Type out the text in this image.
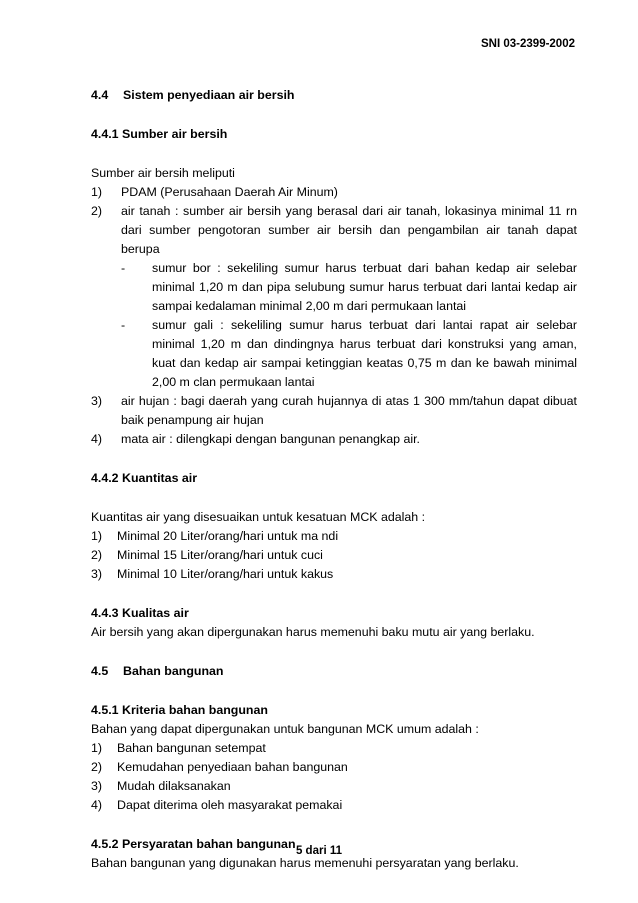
SNI 03-2399-2002

4.4 Sistem penyediaan air bersih

4.4.1 Sumber air bersih

Sumber air bersih meliputi

1)	PDAM (Perusahaan Daerah Air Minum)
2)	air tanah : sumber air bersih yang berasal dari air tanah, lokasinya minimal 11 rn dari sumber pengotoran sumber air bersih dan pengambilan air tanah dapat berupa
-	sumur bor : sekeliling sumur harus terbuat dari bahan kedap air selebar minimal 1,20 m dan pipa selubung sumur harus terbuat dari lantai kedap air sampai kedalaman minimal 2,00 m dari permukaan lantai
-	sumur gali : sekeliling sumur harus terbuat dari lantai rapat air selebar minimal 1,20 m dan dindingnya harus terbuat dari konstruksi yang aman, kuat dan kedap air sampai ketinggian keatas 0,75 m dan ke bawah minimal 2,00 m clan permukaan lantai
3)	air hujan : bagi daerah yang curah hujannya di atas 1 300 mm/tahun dapat dibuat baik penampung air hujan
4)	mata air : dilengkapi dengan bangunan penangkap air.

4.4.2 Kuantitas air

Kuantitas air yang disesuaikan untuk kesatuan MCK adalah :

1)	Minimal 20 Liter/orang/hari untuk ma ndi
2)	Minimal 15 Liter/orang/hari untuk cuci
3)	Minimal 10 Liter/orang/hari untuk kakus

4.4.3 Kualitas air

Air bersih yang akan dipergunakan harus memenuhi baku mutu air yang berlaku.

4.5 Bahan bangunan

4.5.1 Kriteria bahan bangunan

Bahan yang dapat dipergunakan untuk bangunan MCK umum adalah :

1)	Bahan bangunan setempat
2)	Kemudahan penyediaan bahan bangunan
3)	Mudah dilaksanakan
4)	Dapat diterima oleh masyarakat pemakai

4.5.2 Persyaratan bahan bangunan

Bahan bangunan yang digunakan harus memenuhi persyaratan yang berlaku.

5 dari 11
